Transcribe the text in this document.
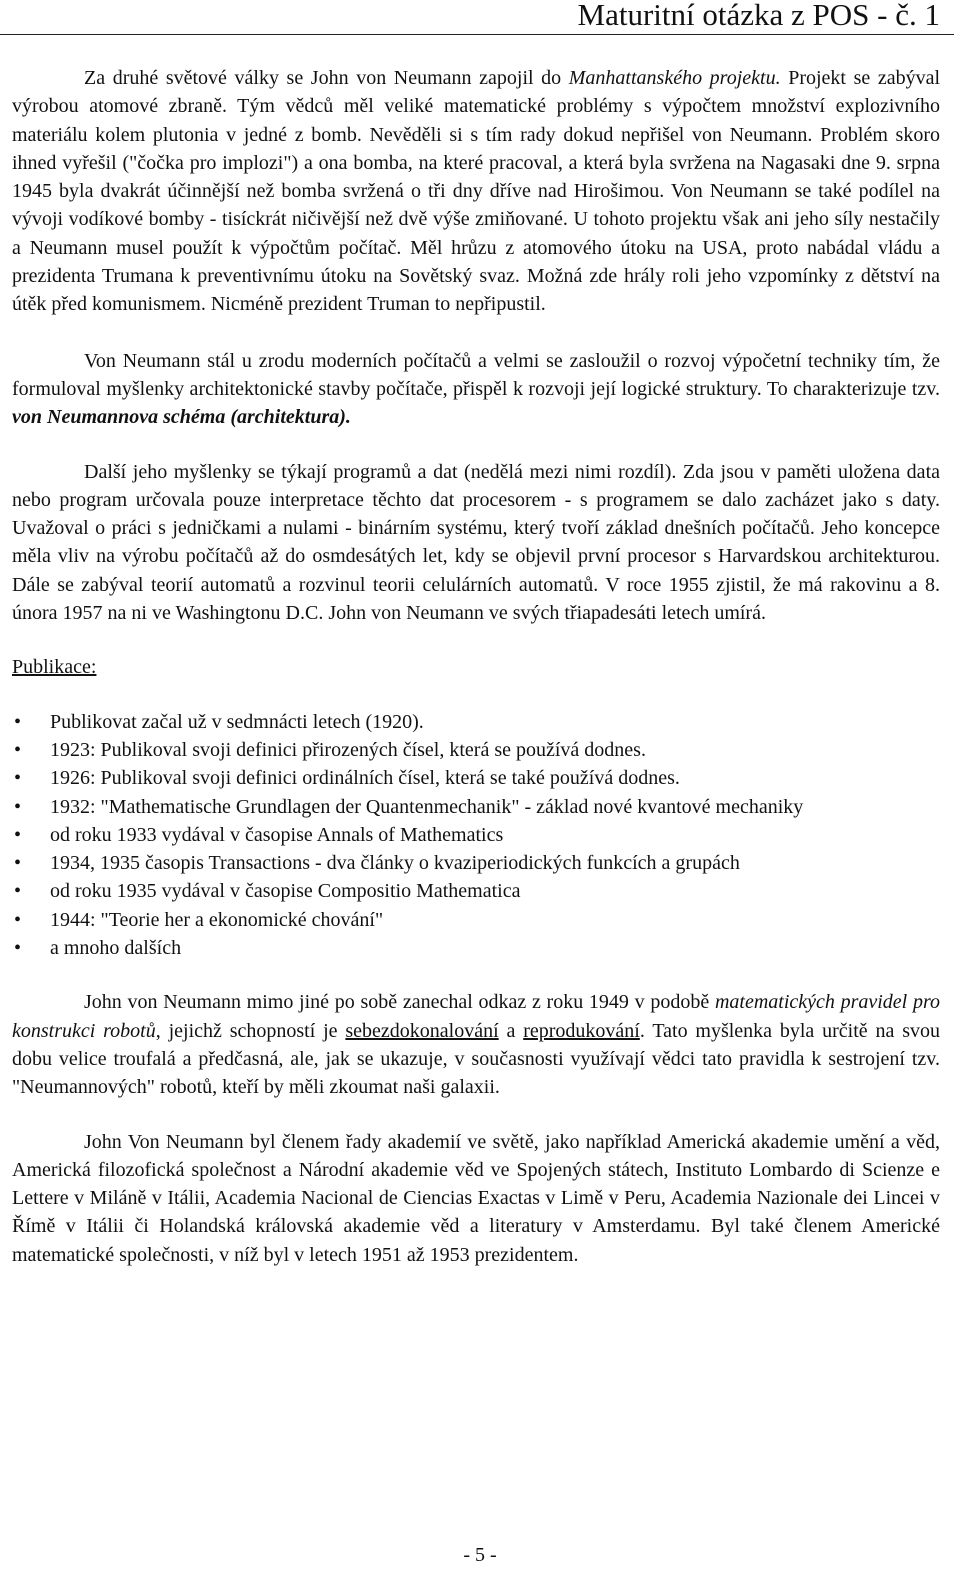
Maturitní otázka z POS - č. 1

Za druhé světové války se John von Neumann zapojil do Manhattanského projektu. Projekt se zabýval výrobou atomové zbraně. Tým vědců měl veliké matematické problémy s výpočtem množství explozivního materiálu kolem plutonia v jedné z bomb. Nevěděli si s tím rady dokud nepřišel von Neumann. Problém skoro ihned vyřešil ("čočka pro implozi") a ona bomba, na které pracoval, a která byla svržena na Nagasaki dne 9. srpna 1945 byla dvakrát účinnější než bomba svržená o tři dny dříve nad Hirošimou. Von Neumann se také podílel na vývoji vodíkové bomby - tisíckrát ničivější než dvě výše zmiňované. U tohoto projektu však ani jeho síly nestačily a Neumann musel použít k výpočtům počítač. Měl hrůzu z atomového útoku na USA, proto nabádal vládu a prezidenta Trumana k preventivnímu útoku na Sovětský svaz. Možná zde hrály roli jeho vzpomínky z dětství na útěk před komunismem. Nicméně prezident Truman to nepřipustil.

Von Neumann stál u zrodu moderních počítačů a velmi se zasloužil o rozvoj výpočetní techniky tím, že formuloval myšlenky architektonické stavby počítače, přispěl k rozvoji její logické struktury. To charakterizuje tzv. von Neumannova schéma (architektura).

Další jeho myšlenky se týkají programů a dat (nedělá mezi nimi rozdíl). Zda jsou v paměti uložena data nebo program určovala pouze interpretace těchto dat procesorem - s programem se dalo zacházet jako s daty. Uvažoval o práci s jedničkami a nulami - binárním systému, který tvoří základ dnešních počítačů. Jeho koncepce měla vliv na výrobu počítačů až do osmdesátých let, kdy se objevil první procesor s Harvardskou architekturou. Dále se zabýval teorií automatů a rozvinul teorii celulárních automatů. V roce 1955 zjistil, že má rakovinu a 8. února 1957 na ni ve Washingtonu D.C. John von Neumann ve svých třiapadesáti letech umírá.

Publikace:

• Publikovat začal už v sedmnácti letech (1920).
• 1923: Publikoval svoji definici přirozených čísel, která se používá dodnes.
• 1926: Publikoval svoji definici ordinálních čísel, která se také používá dodnes.
• 1932: "Mathematische Grundlagen der Quantenmechanik" - základ nové kvantové mechaniky
• od roku 1933 vydával v časopise Annals of Mathematics
• 1934, 1935 časopis Transactions - dva články o kvaziperiodických funkcích a grupách
• od roku 1935 vydával v časopise Compositio Mathematica
• 1944: "Teorie her a ekonomické chování"
• a mnoho dalších

John von Neumann mimo jiné po sobě zanechal odkaz z roku 1949 v podobě matematických pravidel pro konstrukci robotů, jejichž schopností je sebezdokonalování a reprodukování. Tato myšlenka byla určitě na svou dobu velice troufalá a předčasná, ale, jak se ukazuje, v současnosti využívají vědci tato pravidla k sestrojení tzv. "Neumannových" robotů, kteří by měli zkoumat naši galaxii.

John Von Neumann byl členem řady akademií ve světě, jako například Americká akademie umění a věd, Americká filozofická společnost a Národní akademie věd ve Spojených státech, Instituto Lombardo di Scienze e Lettere v Miláně v Itálii, Academia Nacional de Ciencias Exactas v Limě v Peru, Academia Nazionale dei Lincei v Římě v Itálii či Holandská královská akademie věd a literatury v Amsterdamu. Byl také členem Americké matematické společnosti, v níž byl v letech 1951 až 1953 prezidentem.

- 5 -
